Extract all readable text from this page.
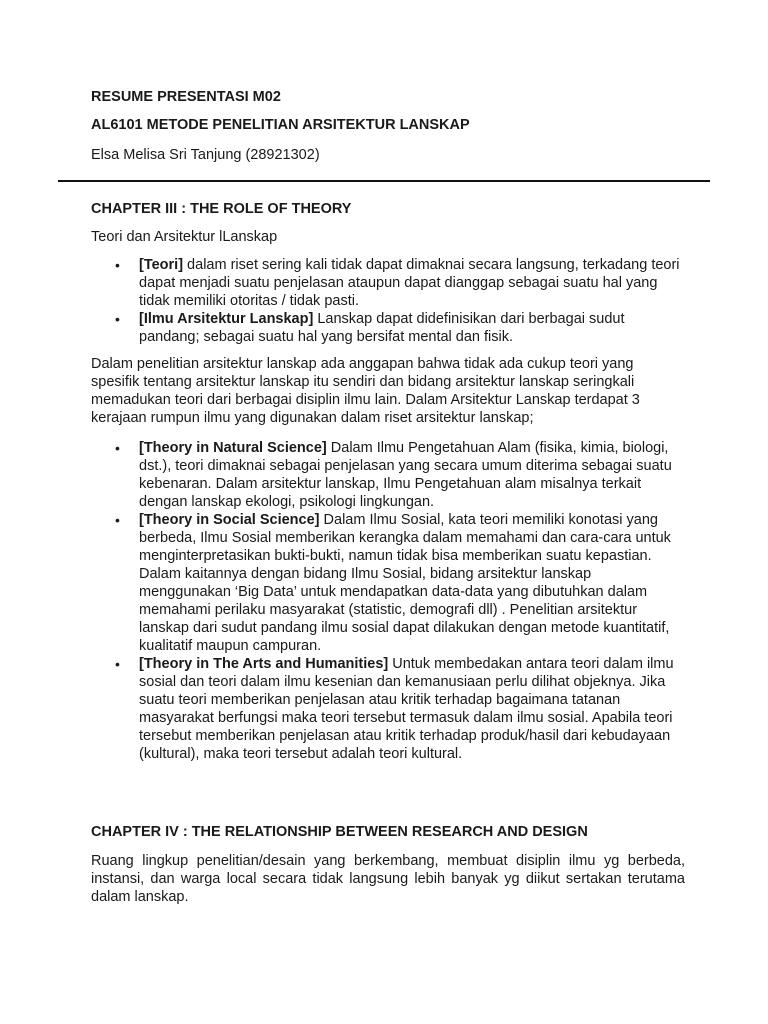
RESUME PRESENTASI M02

AL6101 METODE PENELITIAN ARSITEKTUR LANSKAP

Elsa Melisa Sri Tanjung (28921302)

CHAPTER III : THE ROLE OF THEORY

Teori dan Arsitektur lLanskap

• [Teori] dalam riset sering kali tidak dapat dimaknai secara langsung, terkadang teori dapat menjadi suatu penjelasan ataupun dapat dianggap sebagai suatu hal yang tidak memiliki otoritas / tidak pasti.
• [Ilmu Arsitektur Lanskap] Lanskap dapat didefinisikan dari berbagai sudut pandang; sebagai suatu hal yang bersifat mental dan fisik.

Dalam penelitian arsitektur lanskap ada anggapan bahwa tidak ada cukup teori yang spesifik tentang arsitektur lanskap itu sendiri dan bidang arsitektur lanskap seringkali memadukan teori dari berbagai disiplin ilmu lain. Dalam Arsitektur Lanskap terdapat 3 kerajaan rumpun ilmu yang digunakan dalam riset arsitektur lanskap;

• [Theory in Natural Science] Dalam Ilmu Pengetahuan Alam (fisika, kimia, biologi, dst.), teori dimaknai sebagai penjelasan yang secara umum diterima sebagai suatu kebenaran. Dalam arsitektur lanskap, Ilmu Pengetahuan alam misalnya terkait dengan lanskap ekologi, psikologi lingkungan.
• [Theory in Social Science] Dalam Ilmu Sosial, kata teori memiliki konotasi yang berbeda, Ilmu Sosial memberikan kerangka dalam memahami dan cara-cara untuk menginterpretasikan bukti-bukti, namun tidak bisa memberikan suatu kepastian. Dalam kaitannya dengan bidang Ilmu Sosial, bidang arsitektur lanskap menggunakan ‘Big Data’ untuk mendapatkan data-data yang dibutuhkan dalam memahami perilaku masyarakat (statistic, demografi dll) . Penelitian arsitektur lanskap dari sudut pandang ilmu sosial dapat dilakukan dengan metode kuantitatif, kualitatif maupun campuran.
• [Theory in The Arts and Humanities] Untuk membedakan antara teori dalam ilmu sosial dan teori dalam ilmu kesenian dan kemanusiaan perlu dilihat objeknya. Jika suatu teori memberikan penjelasan atau kritik terhadap bagaimana tatanan masyarakat berfungsi maka teori tersebut termasuk dalam ilmu sosial. Apabila teori tersebut memberikan penjelasan atau kritik terhadap produk/hasil dari kebudayaan (kultural), maka teori tersebut adalah teori kultural.

CHAPTER IV : THE RELATIONSHIP BETWEEN RESEARCH AND DESIGN

Ruang lingkup penelitian/desain yang berkembang, membuat disiplin ilmu yg berbeda, instansi, dan warga local secara tidak langsung lebih banyak yg diikut sertakan terutama dalam lanskap.
